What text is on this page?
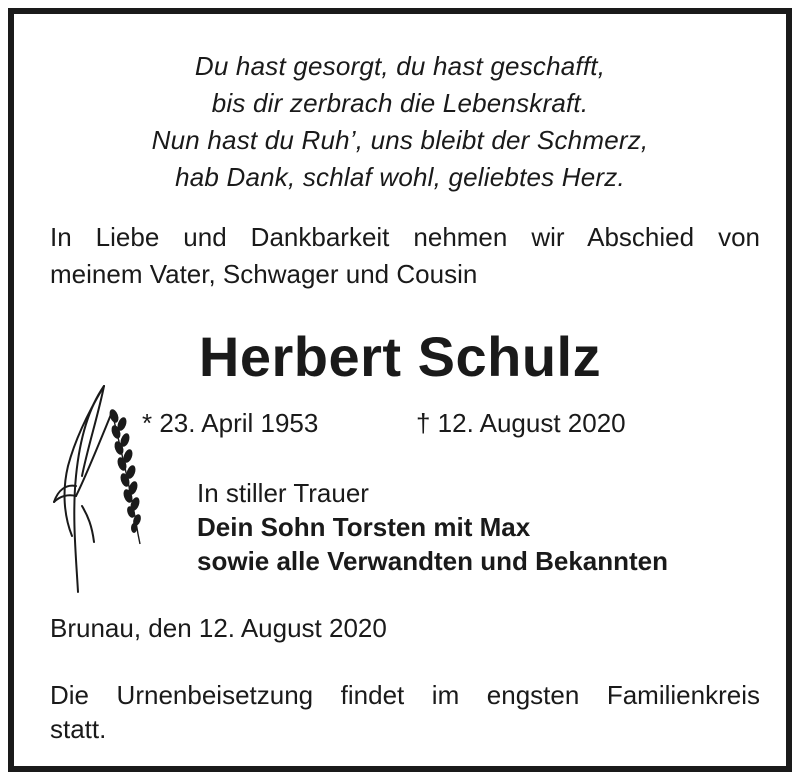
Du hast gesorgt, du hast geschafft,
bis dir zerbrach die Lebenskraft.
Nun hast du Ruh’, uns bleibt der Schmerz,
hab Dank, schlaf wohl, geliebtes Herz.
In Liebe und Dankbarkeit nehmen wir Abschied von
meinem Vater, Schwager und Cousin
Herbert Schulz
* 23. April 1953	† 12. August 2020
In stiller Trauer
Dein Sohn Torsten mit Max
sowie alle Verwandten und Bekannten
Brunau, den 12. August 2020
Die Urnenbeisetzung findet im engsten Familienkreis
statt.
